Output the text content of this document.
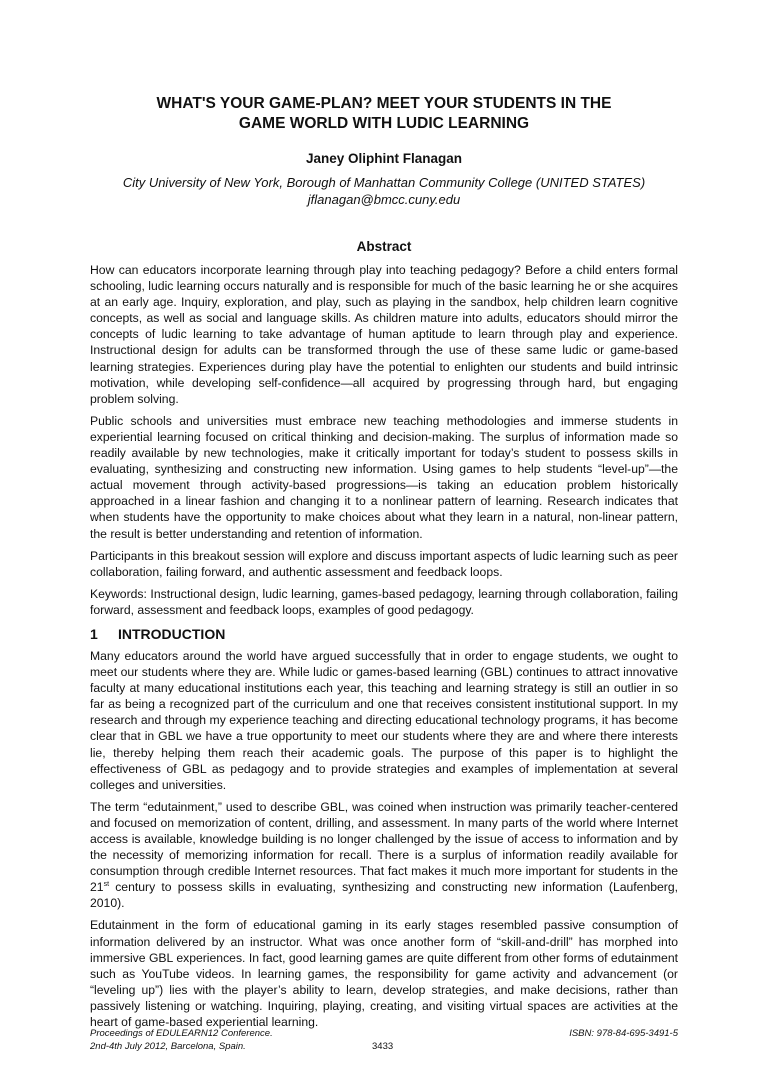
WHAT'S YOUR GAME-PLAN? MEET YOUR STUDENTS IN THE
GAME WORLD WITH LUDIC LEARNING

Janey Oliphint Flanagan

City University of New York, Borough of Manhattan Community College (UNITED STATES)
jflanagan@bmcc.cuny.edu

Abstract

How can educators incorporate learning through play into teaching pedagogy? Before a child enters formal schooling, ludic learning occurs naturally and is responsible for much of the basic learning he or she acquires at an early age. Inquiry, exploration, and play, such as playing in the sandbox, help children learn cognitive concepts, as well as social and language skills. As children mature into adults, educators should mirror the concepts of ludic learning to take advantage of human aptitude to learn through play and experience. Instructional design for adults can be transformed through the use of these same ludic or game-based learning strategies. Experiences during play have the potential to enlighten our students and build intrinsic motivation, while developing self-confidence—all acquired by progressing through hard, but engaging problem solving.

Public schools and universities must embrace new teaching methodologies and immerse students in experiential learning focused on critical thinking and decision-making. The surplus of information made so readily available by new technologies, make it critically important for today’s student to possess skills in evaluating, synthesizing and constructing new information. Using games to help students “level-up”—the actual movement through activity-based progressions—is taking an education problem historically approached in a linear fashion and changing it to a nonlinear pattern of learning. Research indicates that when students have the opportunity to make choices about what they learn in a natural, non-linear pattern, the result is better understanding and retention of information.

Participants in this breakout session will explore and discuss important aspects of ludic learning such as peer collaboration, failing forward, and authentic assessment and feedback loops.

Keywords: Instructional design, ludic learning, games-based pedagogy, learning through collaboration, failing forward, assessment and feedback loops, examples of good pedagogy.

1	INTRODUCTION

Many educators around the world have argued successfully that in order to engage students, we ought to meet our students where they are. While ludic or games-based learning (GBL) continues to attract innovative faculty at many educational institutions each year, this teaching and learning strategy is still an outlier in so far as being a recognized part of the curriculum and one that receives consistent institutional support. In my research and through my experience teaching and directing educational technology programs, it has become clear that in GBL we have a true opportunity to meet our students where they are and where there interests lie, thereby helping them reach their academic goals. The purpose of this paper is to highlight the effectiveness of GBL as pedagogy and to provide strategies and examples of implementation at several colleges and universities.

The term “edutainment,” used to describe GBL, was coined when instruction was primarily teacher-centered and focused on memorization of content, drilling, and assessment. In many parts of the world where Internet access is available, knowledge building is no longer challenged by the issue of access to information and by the necessity of memorizing information for recall. There is a surplus of information readily available for consumption through credible Internet resources. That fact makes it much more important for students in the 21st century to possess skills in evaluating, synthesizing and constructing new information (Laufenberg, 2010).

Edutainment in the form of educational gaming in its early stages resembled passive consumption of information delivered by an instructor. What was once another form of “skill-and-drill” has morphed into immersive GBL experiences. In fact, good learning games are quite different from other forms of edutainment such as YouTube videos. In learning games, the responsibility for game activity and advancement (or “leveling up”) lies with the player’s ability to learn, develop strategies, and make decisions, rather than passively listening or watching. Inquiring, playing, creating, and visiting virtual spaces are activities at the heart of game-based experiential learning.

Proceedings of EDULEARN12 Conference.
2nd-4th July 2012, Barcelona, Spain.
ISBN: 978-84-695-3491-5
3433
